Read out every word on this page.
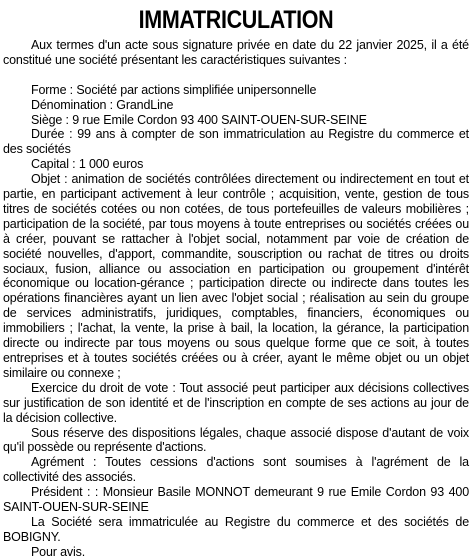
IMMATRICULATION

Aux termes d'un acte sous signature privée en date du 22 janvier 2025, il a été constitué une société présentant les caractéristiques suivantes :

Forme : Société par actions simplifiée unipersonnelle

Dénomination : GrandLine

Siège : 9 rue Emile Cordon 93 400 SAINT-OUEN-SUR-SEINE

Durée : 99 ans à compter de son immatriculation au Registre du commerce et des sociétés

Capital : 1 000 euros

Objet : animation de sociétés contrôlées directement ou indirectement en tout et partie, en participant activement à leur contrôle ; acquisition, vente, gestion de tous titres de sociétés cotées ou non cotées, de tous portefeuilles de valeurs mobilières ; participation de la société, par tous moyens à toute entreprises ou sociétés créées ou à créer, pouvant se rattacher à l'objet social, notamment par voie de création de société nouvelles, d'apport, commandite, souscription ou rachat de titres ou droits sociaux, fusion, alliance ou association en participation ou groupement d'intérêt économique ou location-gérance ; participation directe ou indirecte dans toutes les opérations financières ayant un lien avec l'objet social ; réalisation au sein du groupe de services administratifs, juridiques, comptables, financiers, économiques ou immobiliers ; l'achat, la vente, la prise à bail, la location, la gérance, la participation directe ou indirecte par tous moyens ou sous quelque forme que ce soit, à toutes entreprises et à toutes sociétés créées ou à créer, ayant le même objet ou un objet similaire ou connexe ;

Exercice du droit de vote : Tout associé peut participer aux décisions collectives sur justification de son identité et de l'inscription en compte de ses actions au jour de la décision collective.

Sous réserve des dispositions légales, chaque associé dispose d'autant de voix qu'il possède ou représente d'actions.

Agrément : Toutes cessions d'actions sont soumises à l'agrément de la collectivité des associés.

Président : : Monsieur Basile MONNOT demeurant 9 rue Emile Cordon 93 400 SAINT-OUEN-SUR-SEINE

La Société sera immatriculée au Registre du commerce et des sociétés de BOBIGNY.

Pour avis.
